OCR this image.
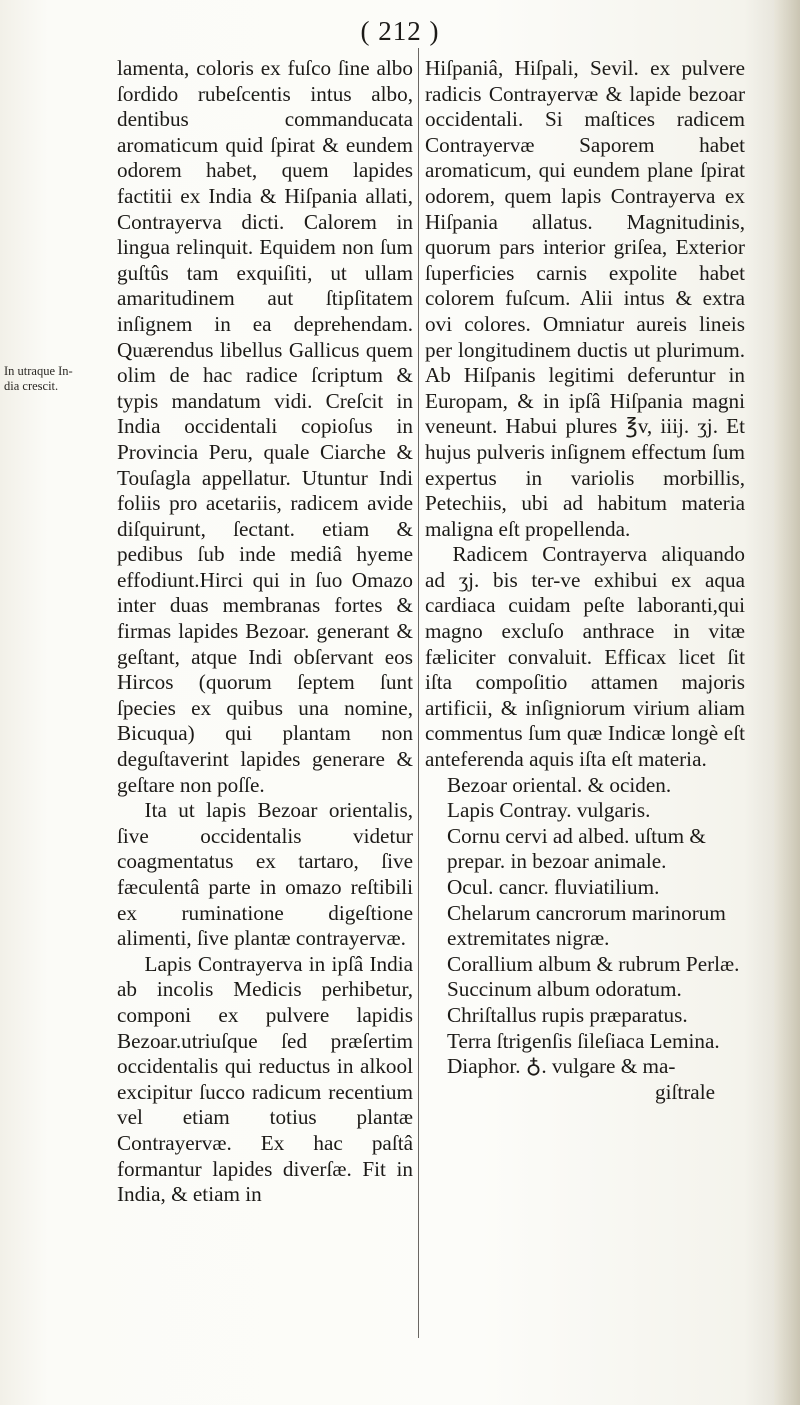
( 212 )
In utraque In-dia crescit.

lamenta, coloris ex fuſco ſine albo ſordido rubeſcentis intus albo, dentibus commanducata aromaticum quid ſpirat & eundem odorem habet, quem lapides factitii ex India & Hiſpania allati, Contrayerva dicti. Calorem in lingua relinquit. Equidem non ſum guſtûs tam exquiſiti, ut ullam amaritudinem aut ſtipſitatem inſignem in ea deprehendam. Quærendus libellus Gallicus quem olim de hac radice ſcriptum & typis mandatum vidi. Creſcit in India occidentali copioſus in Provincia Peru, quale Ciarche & Touſagla appellatur. Utuntur Indi foliis pro acetariis, radicem avide diſquirunt, ſectant. etiam & pedibus ſub inde mediâ hyeme effodiunt.Hirci qui in ſuo Omazo inter duas membranas fortes & firmas lapides Bezoar. generant & geſtant, atque Indi obſervant eos Hircos (quorum ſeptem ſunt ſpecies ex quibus una nomine, Bicuqua) qui plantam non deguſtaverint lapides generare & geſtare non poſſe.

Ita ut lapis Bezoar orientalis, ſive occidentalis videtur coagmentatus ex tartaro, ſive fæculentâ parte in omazo reſtibili ex ruminatione digeſtione alimenti, ſive plantæ contrayervæ.

Lapis Contrayerva in ipſâ India ab incolis Medicis perhibetur, componi ex pulvere lapidis Bezoar.utriuſque ſed præſertim occidentalis qui reductus in alkool excipitur ſucco radicum recentium vel etiam totius plantæ Contrayervæ. Ex hac paſtâ formantur lapides diverſæ. Fit in India, & etiam in

Hiſpaniâ, Hiſpali, Sevil. ex pulvere radicis Contrayervæ & lapide bezoar occidentali. Si maſtices radicem Contrayervæ Saporem habet aromaticum, qui eundem plane ſpirat odorem, quem lapis Contrayerva ex Hiſpania allatus. Magnitudinis, quorum pars interior griſea, Exterior ſuperficies carnis expolite habet colorem fuſcum. Alii intus & extra ovi colores. Omniatur aureis lineis per longitudinem ductis ut plurimum. Ab Hiſpanis legitimi deferuntur in Europam, & in ipſâ Hiſpania magni veneunt. Habui plures ℥v, iiij. ʒj. Et hujus pulveris inſignem effectum ſum expertus in variolis morbillis, Petechiis, ubi ad habitum materia maligna eſt propellenda.

Radicem Contrayerva aliquando ad ʒj. bis ter-ve exhibui ex aqua cardiaca cuidam peſte laboranti,qui magno excluſo anthrace in vitæ fæliciter convaluit. Efficax licet ſit iſta compoſitio attamen majoris artificii, & inſigniorum virium aliam commentus ſum quæ Indicæ longè eſt anteferenda aquis iſta eſt materia.

Bezoar oriental. & ociden.

Lapis Contray. vulgaris.

Cornu cervi ad albed. uſtum & prepar. in bezoar animale.

Ocul. cancr. fluviatilium.

Chelarum cancrorum marinorum extremitates nigræ.

Corallium album & rubrum Perlæ.

Succinum album odoratum.

Chriſtallus rupis præparatus.

Terra ſtrigenſis ſileſiaca Lemina.

Diaphor. ♁. vulgare & ma-

giſtrale
